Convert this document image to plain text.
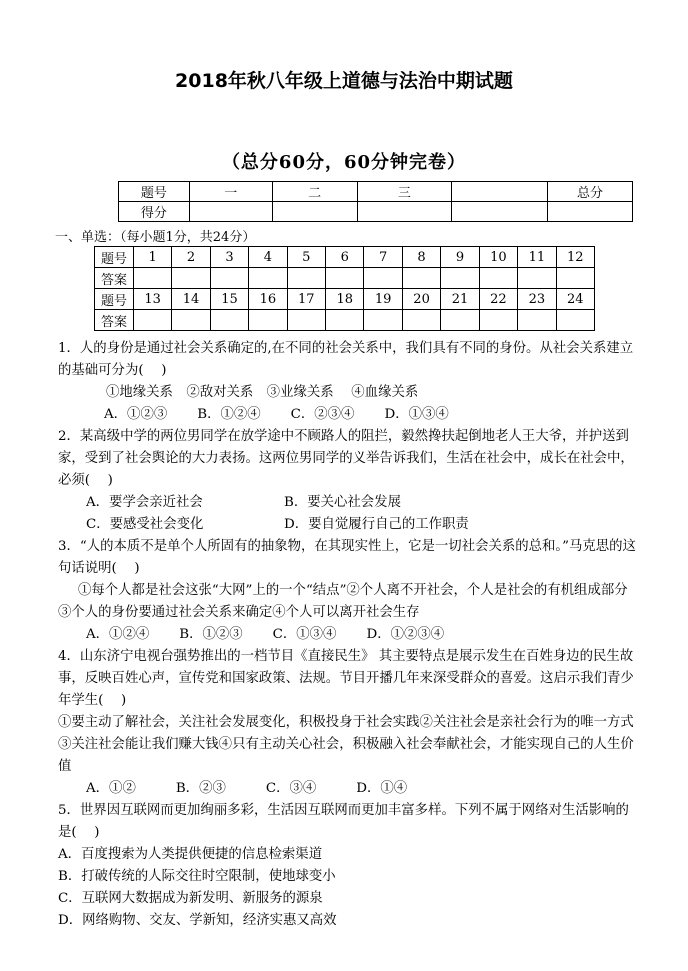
2018年秋八年级上道德与法治中期试题
（总分60分，60分钟完卷）
题号	一	二	三		总分
得分					
一、单选：（每小题1分，共24分）
题号	1	2	3	4	5	6	7	8	9	10	11	12
答案												
题号	13	14	15	16	17	18	19	20	21	22	23	24
答案												

1．人的身份是通过社会关系确定的,在不同的社会关系中，我们具有不同的身份。从社会关系建立的基础可分为(　 )

①地缘关系　②敌对关系　③业缘关系　 ④血缘关系

A．①②③ B．①②④ C．②③④ D．①③④

2．某高级中学的两位男同学在放学途中不顾路人的阻拦，毅然搀扶起倒地老人王大爷，并护送到家，受到了社会舆论的大力表扬。这两位男同学的义举告诉我们，生活在社会中，成长在社会中，必须(　 )

A．要学会亲近社会	B．要关心社会发展
C．要感受社会变化	D．要自觉履行自己的工作职责

3．“人的本质不是单个人所固有的抽象物，在其现实性上，它是一切社会关系的总和。”马克思的这句话说明(　 )

①每个人都是社会这张“大网”上的一个“结点”②个人离不开社会，个人是社会的有机组成部分③个人的身份要通过社会关系来确定④个人可以离开社会生存

A．①②④ B．①②③ C．①③④ D．①②③④

4．山东济宁电视台强势推出的一档节目《直接民生》 其主要特点是展示发生在百姓身边的民生故事，反映百姓心声，宣传党和国家政策、法规。节目开播几年来深受群众的喜爱。这启示我们青少年学生(　 )

①要主动了解社会，关注社会发展变化，积极投身于社会实践②关注社会是亲社会行为的唯一方式③关注社会能让我们赚大钱④只有主动关心社会，积极融入社会奉献社会，才能实现自己的人生价值

A．①②	B．②③	C．③④	D．①④

5．世界因互联网而更加绚丽多彩，生活因互联网而更加丰富多样。下列不属于网络对生活影响的是(　 )

A．百度搜索为人类提供便捷的信息检索渠道

B．打破传统的人际交往时空限制，使地球变小

C．互联网大数据成为新发明、新服务的源泉

D．网络购物、交友、学新知，经济实惠又高效
